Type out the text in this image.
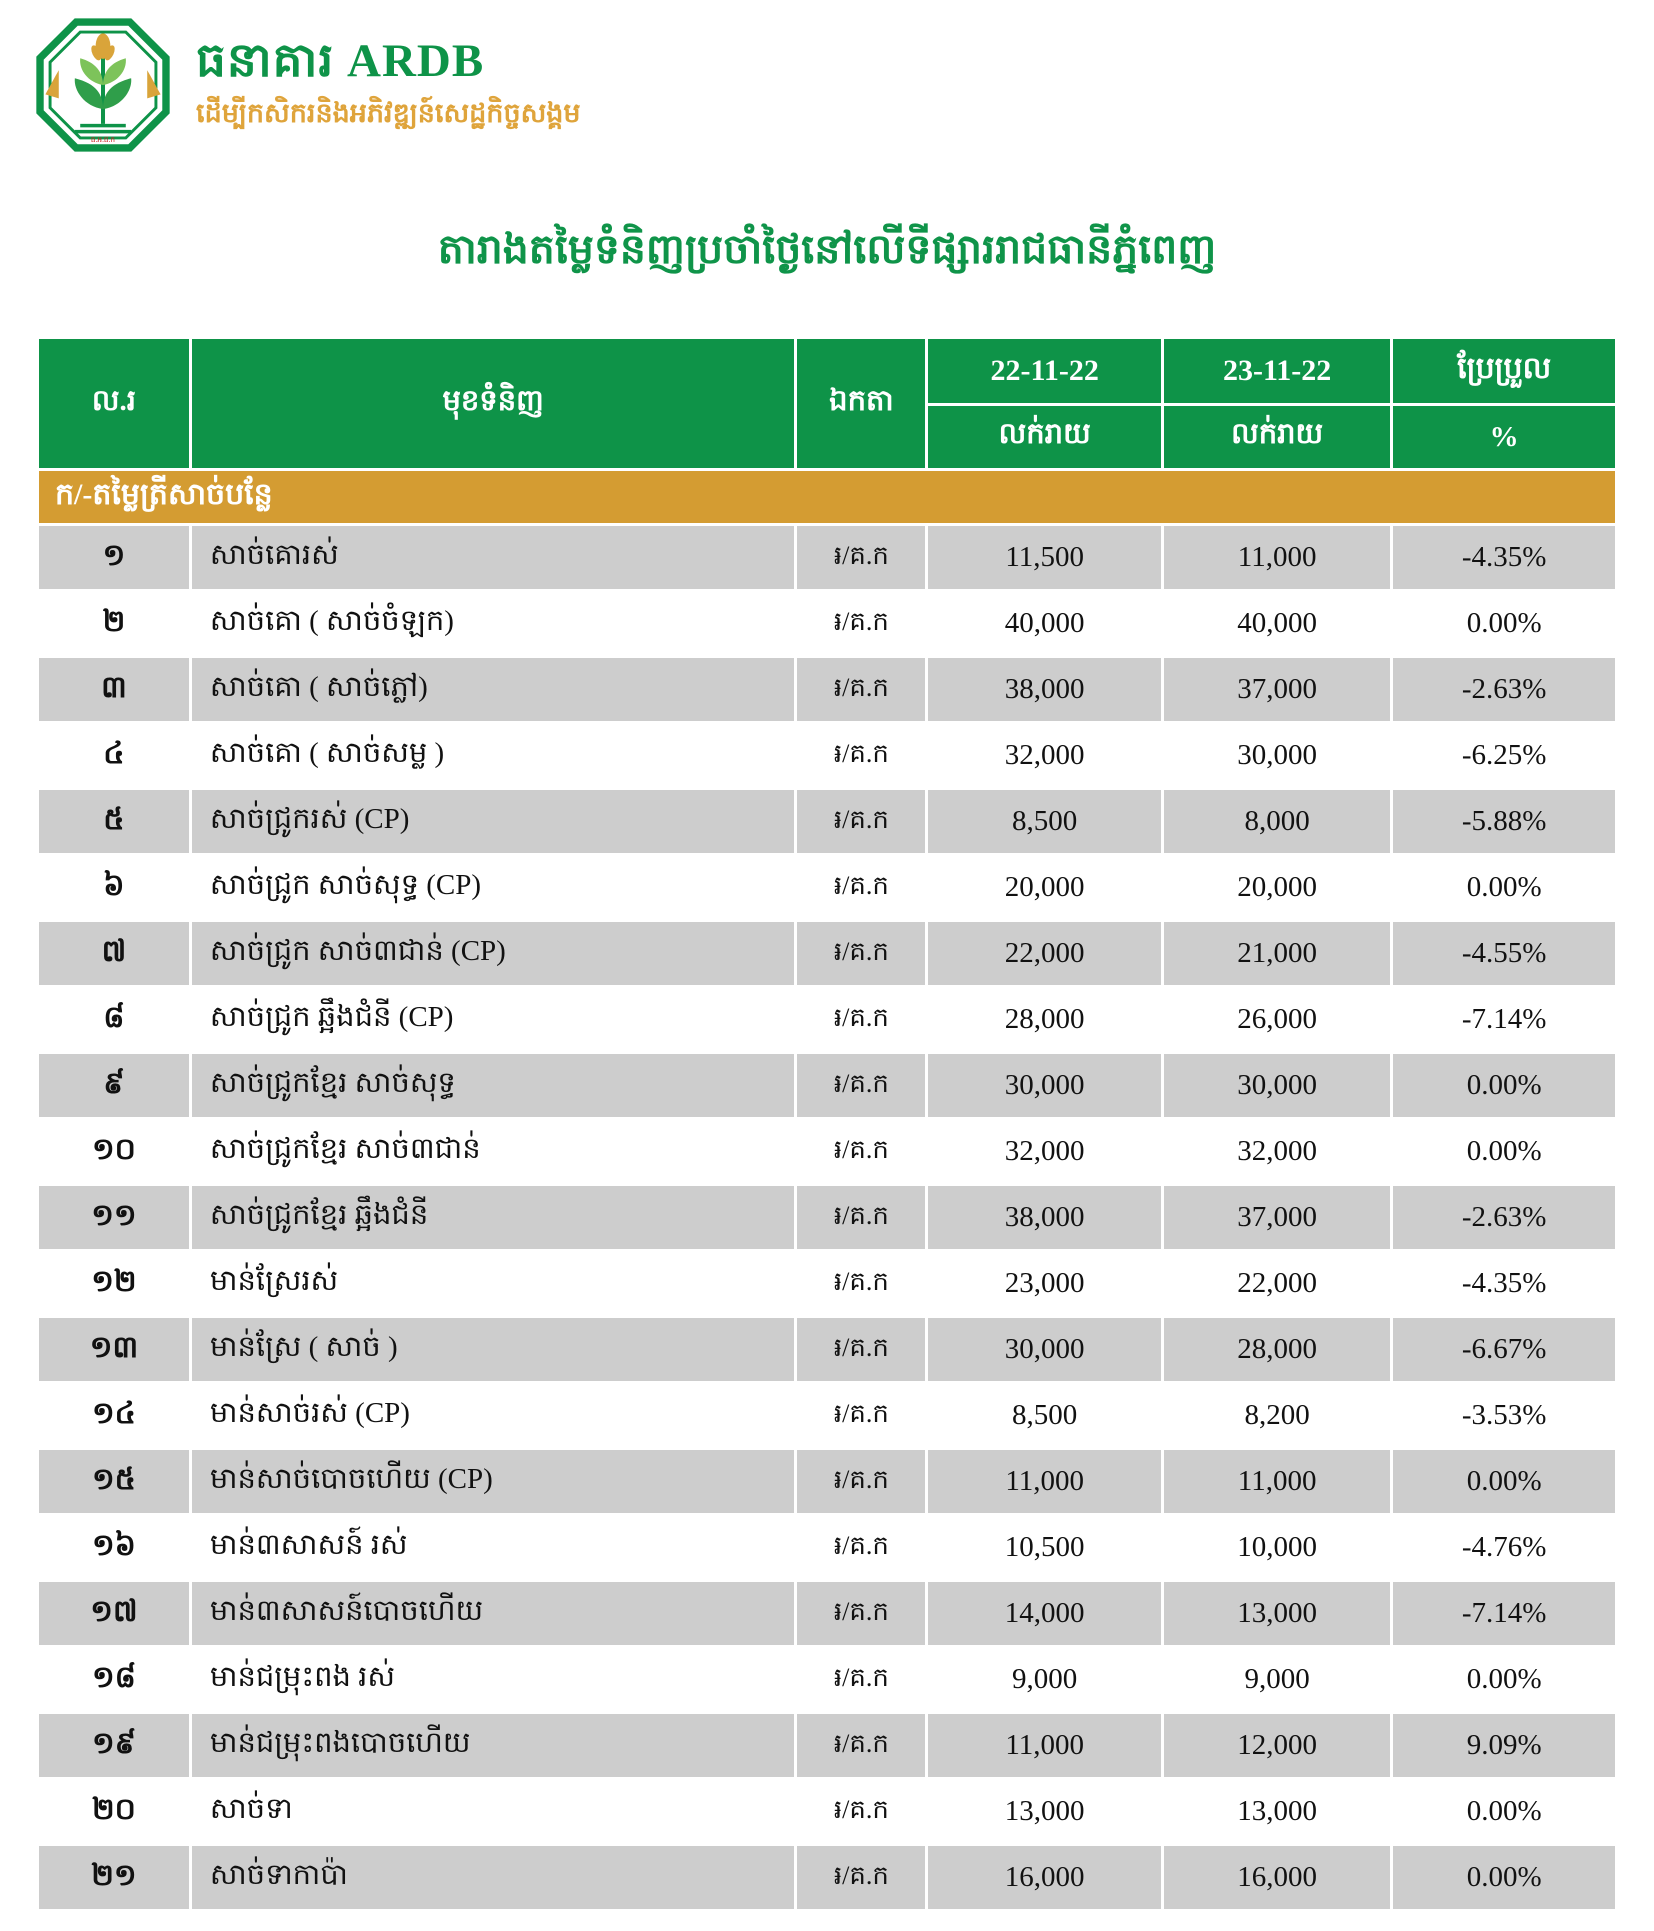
ធ.អ.ជ.ក
ធនាគារ ARDB
ដើម្បីកសិករនិងអភិវឌ្ឍន៍សេដ្ឋកិច្ចសង្គម
តារាងតម្លៃទំនិញប្រចាំថ្ងៃនៅលើទីផ្សាររាជធានីភ្នំពេញ
ល.រ	មុខទំនិញ	ឯកតា	22-11-22	23-11-22	ប្រែប្រួល
			លក់រាយ	លក់រាយ	%
ក/-តម្លៃត្រីសាច់បន្លែ					
១	សាច់គោរស់	៛/គ.ក	11,500	11,000	-4.35%
២	សាច់គោ ( សាច់ចំឡក)	៛/គ.ក	40,000	40,000	0.00%
៣	សាច់គោ ( សាច់ភ្លៅ)	៛/គ.ក	38,000	37,000	-2.63%
៤	សាច់គោ ( សាច់សម្ល )	៛/គ.ក	32,000	30,000	-6.25%
៥	សាច់ជ្រូករស់ (CP)	៛/គ.ក	8,500	8,000	-5.88%
៦	សាច់ជ្រូក សាច់សុទ្ធ (CP)	៛/គ.ក	20,000	20,000	0.00%
៧	សាច់ជ្រូក សាច់៣ជាន់ (CP)	៛/គ.ក	22,000	21,000	-4.55%
៨	សាច់ជ្រូក ឆ្អឹងជំនី (CP)	៛/គ.ក	28,000	26,000	-7.14%
៩	សាច់ជ្រូកខ្មែរ សាច់សុទ្ធ	៛/គ.ក	30,000	30,000	0.00%
១០	សាច់ជ្រូកខ្មែរ សាច់៣ជាន់	៛/គ.ក	32,000	32,000	0.00%
១១	សាច់ជ្រូកខ្មែរ ឆ្អឹងជំនី	៛/គ.ក	38,000	37,000	-2.63%
១២	មាន់ស្រែរស់	៛/គ.ក	23,000	22,000	-4.35%
១៣	មាន់ស្រែ ( សាច់ )	៛/គ.ក	30,000	28,000	-6.67%
១៤	មាន់សាច់រស់ (CP)	៛/គ.ក	8,500	8,200	-3.53%
១៥	មាន់សាច់បោចហើយ (CP)	៛/គ.ក	11,000	11,000	0.00%
១៦	មាន់៣សាសន៍ រស់	៛/គ.ក	10,500	10,000	-4.76%
១៧	មាន់៣សាសន៍បោចហើយ	៛/គ.ក	14,000	13,000	-7.14%
១៨	មាន់ជម្រុះពង រស់	៛/គ.ក	9,000	9,000	0.00%
១៩	មាន់ជម្រុះពងបោចហើយ	៛/គ.ក	11,000	12,000	9.09%
២០	សាច់ទា	៛/គ.ក	13,000	13,000	0.00%
២១	សាច់ទាកាប៉ា	៛/គ.ក	16,000	16,000	0.00%
